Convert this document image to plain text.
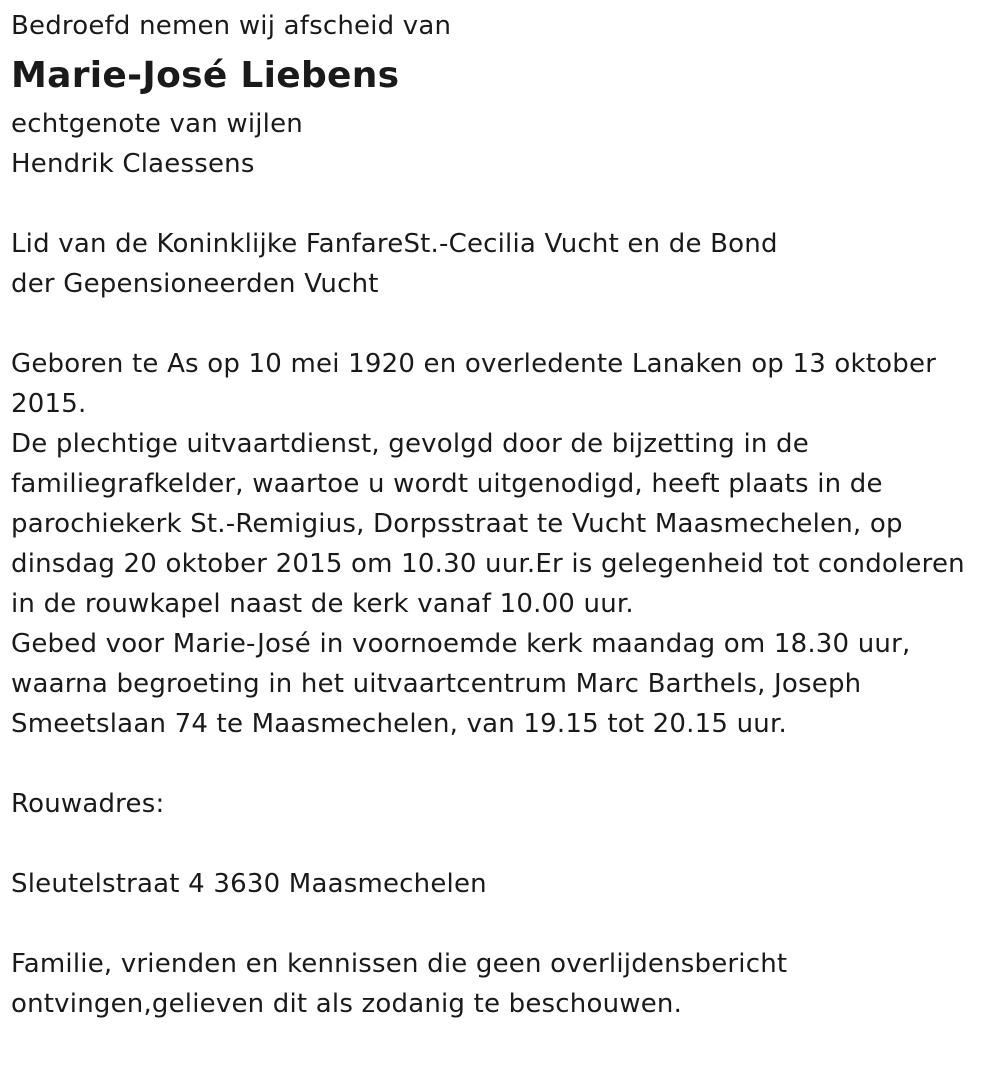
Bedroefd nemen wij afscheid van
Marie-José Liebens
echtgenote van wijlen
Hendrik Claessens
Lid van de Koninklijke FanfareSt.-Cecilia Vucht en de Bond
der Gepensioneerden Vucht
Geboren te As op 10 mei 1920 en overledente Lanaken op 13 oktober
2015.
De plechtige uitvaartdienst, gevolgd door de bijzetting in de
familiegrafkelder, waartoe u wordt uitgenodigd, heeft plaats in de
parochiekerk St.-Remigius, Dorpsstraat te Vucht Maasmechelen, op
dinsdag 20 oktober 2015 om 10.30 uur.Er is gelegenheid tot condoleren
in de rouwkapel naast de kerk vanaf 10.00 uur.
Gebed voor Marie-José in voornoemde kerk maandag om 18.30 uur,
waarna begroeting in het uitvaartcentrum Marc Barthels, Joseph
Smeetslaan 74 te Maasmechelen, van 19.15 tot 20.15 uur.
Rouwadres:
Sleutelstraat 4 3630 Maasmechelen
Familie, vrienden en kennissen die geen overlijdensbericht
ontvingen,gelieven dit als zodanig te beschouwen.
